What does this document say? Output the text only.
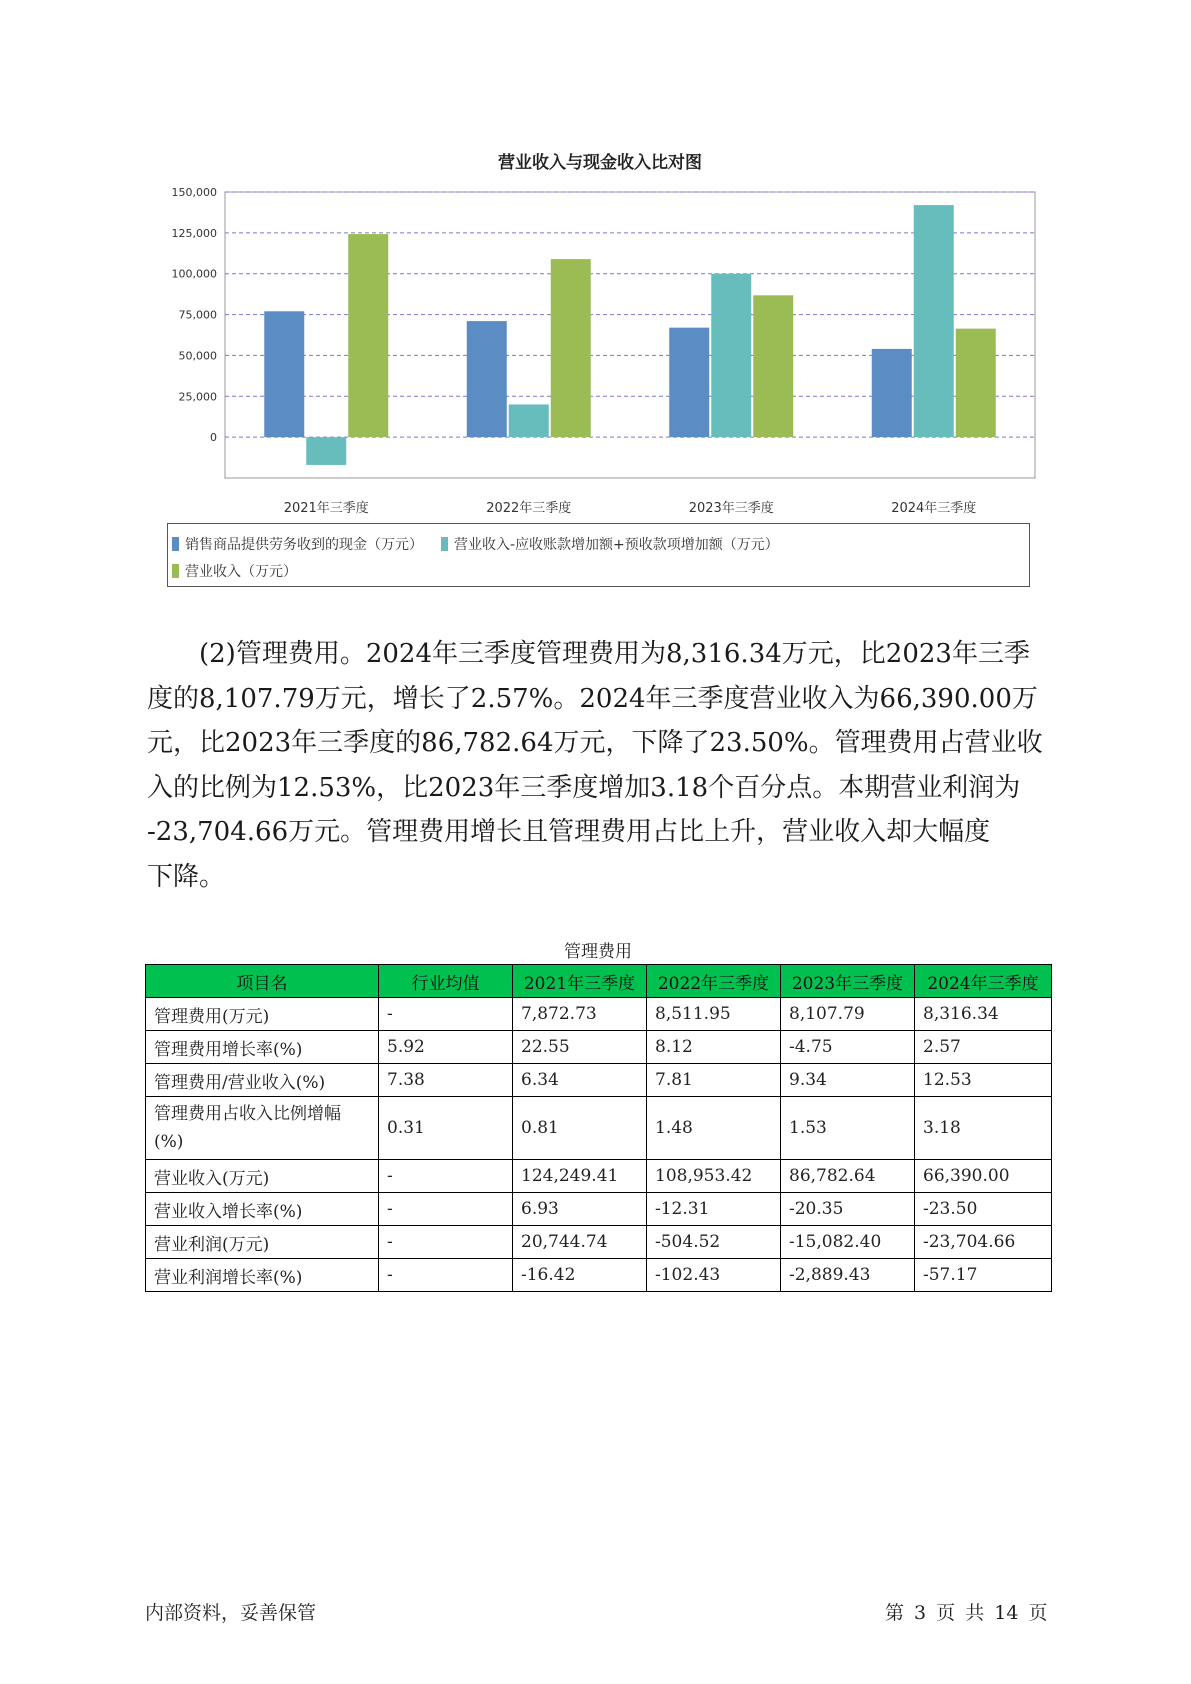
营业收入与现金收入比对图
0
25,000
50,000
75,000
100,000
125,000
150,000
2021年三季度	2022年三季度	2023年三季度	2024年三季度
销售商品提供劳务收到的现金（万元） 营业收入-应收账款增加额+预收款项增加额（万元）
营业收入（万元）
(2)管理费用。2024年三季度管理费用为8,316.34万元，比2023年三季
度的8,107.79万元，增长了2.57%。2024年三季度营业收入为66,390.00万
元，比2023年三季度的86,782.64万元，下降了23.50%。管理费用占营业收
入的比例为12.53%，比2023年三季度增加3.18个百分点。本期营业利润为
-23,704.66万元。管理费用增长且管理费用占比上升，营业收入却大幅度
下降。
管理费用
项目名	行业均值	2021年三季度	2022年三季度	2023年三季度	2024年三季度
管理费用(万元)	-	7,872.73	8,511.95	8,107.79	8,316.34
管理费用增长率(%)	5.92	22.55	8.12	-4.75	2.57
管理费用/营业收入(%)	7.38	6.34	7.81	9.34	12.53
管理费用占收入比例增幅(%)	0.31	0.81	1.48	1.53	3.18
营业收入(万元)	-	124,249.41	108,953.42	86,782.64	66,390.00
营业收入增长率(%)	-	6.93	-12.31	-20.35	-23.50
营业利润(万元)	-	20,744.74	-504.52	-15,082.40	-23,704.66
营业利润增长率(%)	-	-16.42	-102.43	-2,889.43	-57.17
内部资料，妥善保管	第 3 页 共 14 页
